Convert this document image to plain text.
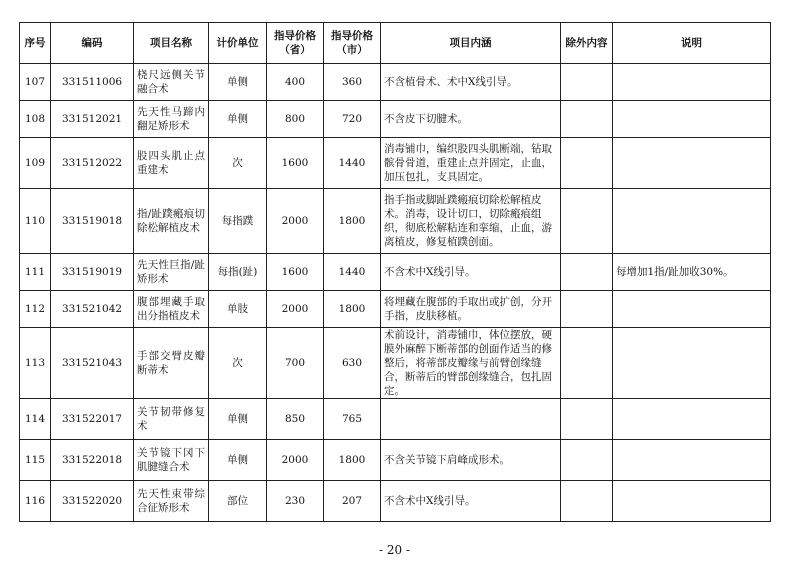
序号	编码	项目名称	计价单位	指导价格（省）	指导价格（市）	项目内涵	除外内容	说明
107	331511006	桡尺远侧关节融合术	单侧	400	360	不含植骨术、术中X线引导。		
108	331512021	先天性马蹄内翻足矫形术	单侧	800	720	不含皮下切腱术。		
109	331512022	股四头肌止点重建术	次	1600	1440	消毒铺巾，编织股四头肌断端，钻取髌骨骨道，重建止点并固定，止血，加压包扎，支具固定。		
110	331519018	指/趾蹼瘢痕切除松解植皮术	每指蹼	2000	1800	指手指或脚趾蹼瘢痕切除松解植皮术。消毒，设计切口，切除瘢痕组织，彻底松解粘连和挛缩，止血，游离植皮，修复植蹼创面。		
111	331519019	先天性巨指/趾矫形术	每指(趾)	1600	1440	不含术中X线引导。		每增加1指/趾加收30%。
112	331521042	腹部埋藏手取出分指植皮术	单肢	2000	1800	将埋藏在腹部的手取出或扩创，分开手指，皮肤移植。		
113	331521043	手部交臂皮瓣断蒂术	次	700	630	术前设计，消毒铺巾，体位摆放，硬膜外麻醉下断蒂部的创面作适当的修整后，将蒂部皮瓣缘与前臂创缘缝合，断蒂后的臂部创缘缝合，包扎固定。		
114	331522017	关节韧带修复术	单侧	850	765			
115	331522018	关节镜下冈下肌腱缝合术	单侧	2000	1800	不含关节镜下肩峰成形术。		
116	331522020	先天性束带综合征矫形术	部位	230	207	不含术中X线引导。		
- 20 -
